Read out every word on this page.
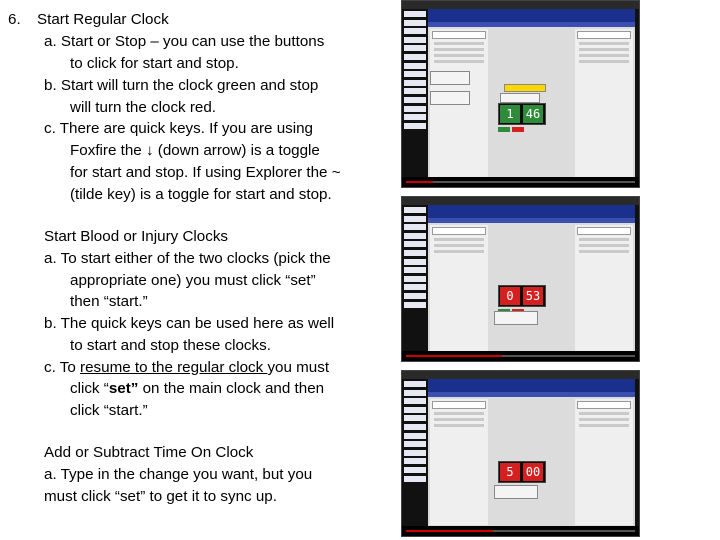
6. Start Regular Clock
a. Start or Stop – you can use the buttons
to click for start and stop.
b. Start will turn the clock green and stop
will turn the clock red.
c. There are quick keys. If you are using
Foxfire the ↓ (down arrow) is a toggle
for start and stop. If using Explorer the ~
(tilde key) is a toggle for start and stop.
Start Blood or Injury Clocks
a. To start either of the two clocks (pick the
appropriate one) you must click “set”
then “start.”
b. The quick keys can be used here as well
to start and stop these clocks.
c. To resume to the regular clock you must
click “set” on the main clock and then
click “start.”
Add or Subtract Time On Clock
a. Type in the change you want, but you
must click “set” to get it to sync up.
1	46
0	53
5	00
